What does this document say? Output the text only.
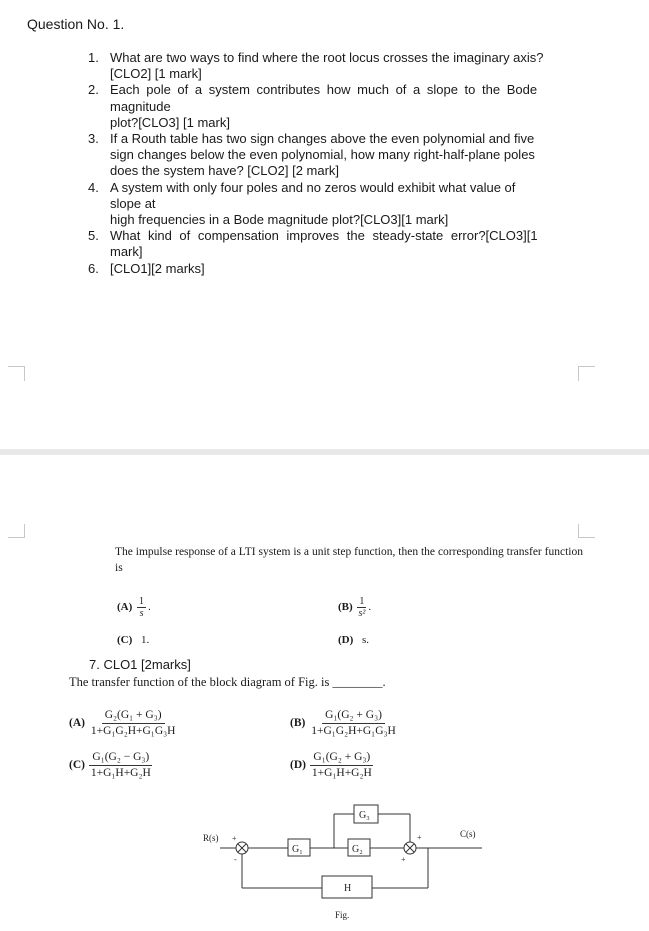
Question No. 1.
1. What are two ways to find where the root locus crosses the imaginary axis?
[CLO2] [1 mark]
2. Each pole of a system contributes how much of a slope to the Bode
magnitude
plot?[CLO3] [1 mark]
3. If a Routh table has two sign changes above the even polynomial and five
sign changes below the even polynomial, how many right-half-plane poles
does the system have? [CLO2] [2 mark]
4. A system with only four poles and no zeros would exhibit what value of
slope at
high frequencies in a Bode magnitude plot?[CLO3][1 mark]
5. What kind of compensation improves the steady-state error?[CLO3][1
mark]
6. [CLO1][2 marks]
The impulse response of a LTI system is a unit step function, then the corresponding transfer function is
$(A) \frac{1}{s}$ .	$(B) \frac{1}{\text{s²}}$ .
(C) 1.	(D) s.
7. CLO1 [2marks]
The transfer function of the block diagram of Fig. is ________.
$(A) \frac{\text{G₂(G₁ + G₃)}}{\text{1+G₁G₂H+G₁G₃H}}$	$(B) \frac{\text{G₁(G₂ + G₃)}}{\text{1+G₁G₂H+G₁G₃H}}$
$(C) \frac{\text{G₁(G₂ − G₃)}}{\text{1+G₁H+G₂H}}$	$(D) \frac{\text{G₁(G₂ + G₃)}}{\text{1+G₁H+G₂H}}$
R(s) +
-
G₁
G₃
G₂
+
+
C(s)
H
Fig.
